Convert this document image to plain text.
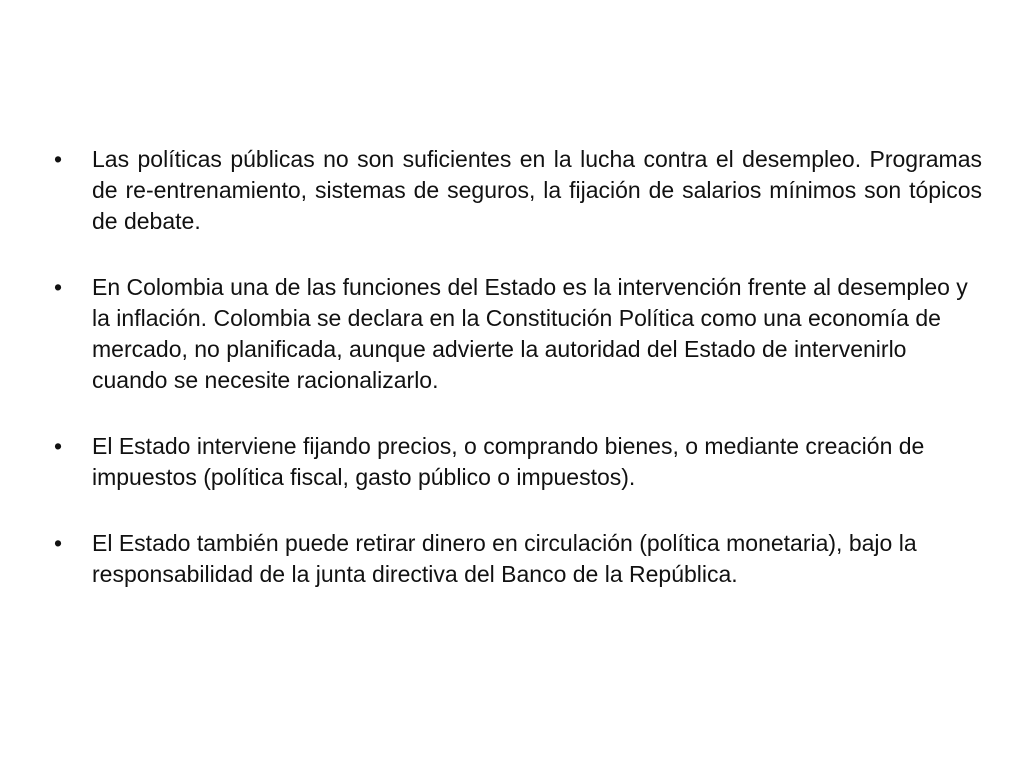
•	Las políticas públicas no son suficientes en la lucha contra el desempleo. Programas de re-entrenamiento, sistemas de seguros, la fijación de salarios mínimos son tópicos de debate.
•	En Colombia una de las funciones del Estado es la intervención frente al desempleo y la inflación. Colombia se declara en la Constitución Política como una economía de mercado, no planificada, aunque advierte la autoridad del Estado de intervenirlo cuando se necesite racionalizarlo.
•	El Estado interviene fijando precios, o comprando bienes, o mediante creación de impuestos (política fiscal, gasto público o impuestos).
•	El Estado también puede retirar dinero en circulación (política monetaria), bajo la responsabilidad de la junta directiva del Banco de la República.
